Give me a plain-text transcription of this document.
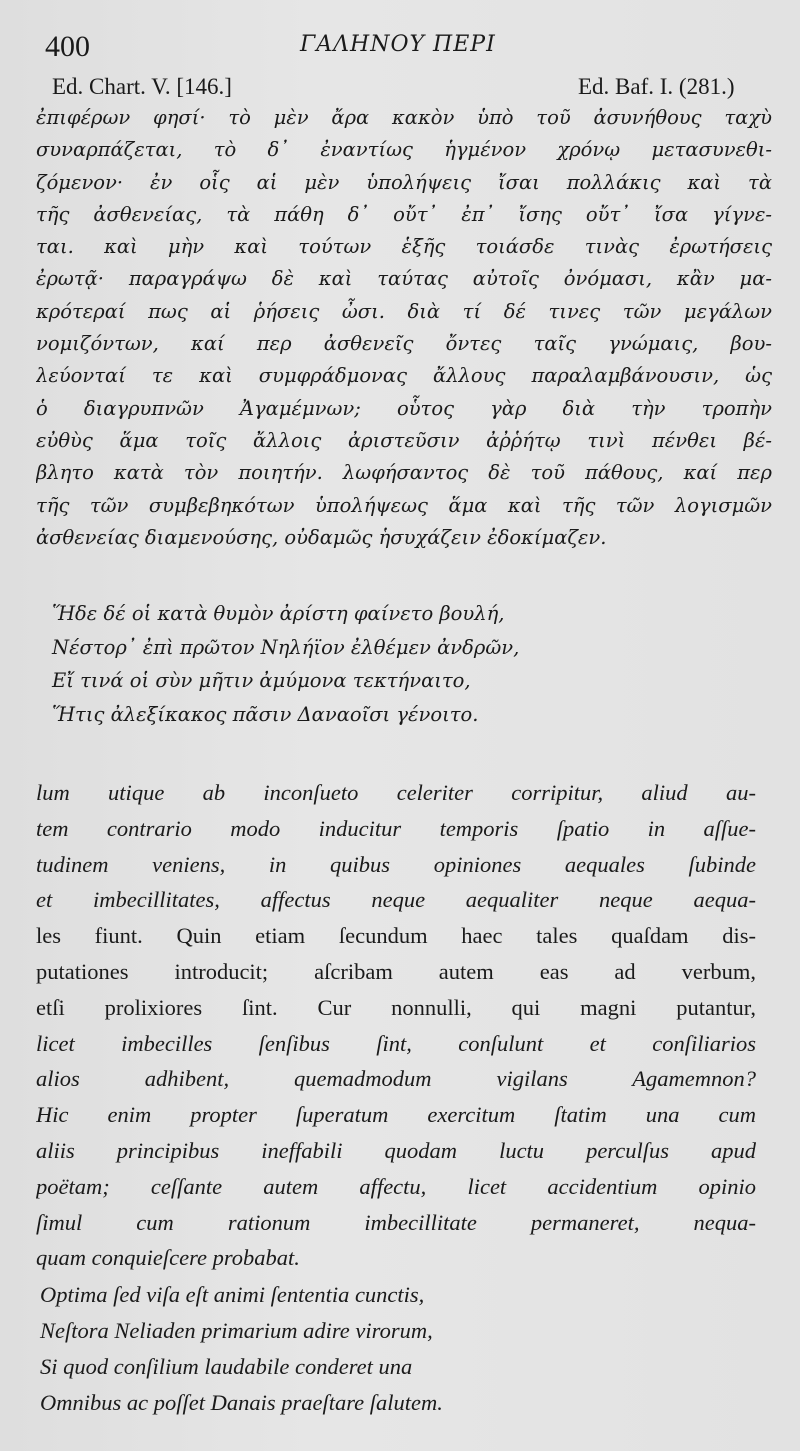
400	ΓΑΛΗΝΟΥ ΠΕΡΙ
Ed. Chart. V. [146.]	Ed. Baf. I. (281.)
ἐπιφέρων φησί· τὸ μὲν ἄρα κακὸν ὑπὸ τοῦ ἀσυνήθους ταχὺ
συναρπάζεται, τὸ δ᾽ ἐναντίως ἡγμένον χρόνῳ μετασυνεθι-
ζόμενον· ἐν οἷς αἱ μὲν ὑπολήψεις ἴσαι πολλάκις καὶ τὰ
τῆς ἀσθενείας, τὰ πάθη δ᾽ οὔτ᾽ ἐπ᾽ ἴσης οὔτ᾽ ἴσα γίγνε-
ται. καὶ μὴν καὶ τούτων ἑξῆς τοιάσδε τινὰς ἐρωτήσεις
ἐρωτᾷ· παραγράψω δὲ καὶ ταύτας αὐτοῖς ὀνόμασι, κἂν μα-
κρότεραί πως αἱ ῥήσεις ὦσι. διὰ τί δέ τινες τῶν μεγάλων
νομιζόντων, καί περ ἀσθενεῖς ὄντες ταῖς γνώμαις, βου-
λεύονταί τε καὶ συμφράδμονας ἄλλους παραλαμβάνουσιν, ὡς
ὁ διαγρυπνῶν Ἀγαμέμνων; οὗτος γὰρ διὰ τὴν τροπὴν
εὐθὺς ἅμα τοῖς ἄλλοις ἀριστεῦσιν ἀῤῥήτῳ τινὶ πένθει βέ-
βλητο κατὰ τὸν ποιητήν. λωφήσαντος δὲ τοῦ πάθους, καί περ
τῆς τῶν συμβεβηκότων ὑπολήψεως ἅμα καὶ τῆς τῶν λογισμῶν
ἀσθενείας διαμενούσης, οὐδαμῶς ἡσυχάζειν ἐδοκίμαζεν.
Ἥδε δέ οἱ κατὰ θυμὸν ἀρίστη φαίνετο βουλή,
Νέστορ᾽ ἐπὶ πρῶτον Νηλήϊον ἐλθέμεν ἀνδρῶν,
Εἴ τινά οἱ σὺν μῆτιν ἀμύμονα τεκτήναιτο,
Ἥτις ἀλεξίκακος πᾶσιν Δαναοῖσι γένοιτο.
lum utique ab inconſueto celeriter corripitur, aliud au-
tem contrario modo inducitur temporis ſpatio in aſſue-
tudinem veniens, in quibus opiniones aequales ſubinde
et imbecillitates, affectus neque aequaliter neque aequa-
les fiunt. Quin etiam ſecundum haec tales quaſdam dis-
putationes introducit; aſcribam autem eas ad verbum,
etſi prolixiores ſint. Cur nonnulli, qui magni putantur,
licet imbecilles ſenſibus ſint, conſulunt et conſiliarios
alios adhibent, quemadmodum vigilans Agamemnon?
Hic enim propter ſuperatum exercitum ſtatim una cum
aliis principibus ineffabili quodam luctu perculſus apud
poëtam; ceſſante autem affectu, licet accidentium opinio
ſimul cum rationum imbecillitate permaneret, nequa-
quam conquieſcere probabat.
Optima ſed viſa eſt animi ſententia cunctis,
Neſtora Neliaden primarium adire virorum,
Si quod conſilium laudabile conderet una
Omnibus ac poſſet Danais praeſtare ſalutem.
